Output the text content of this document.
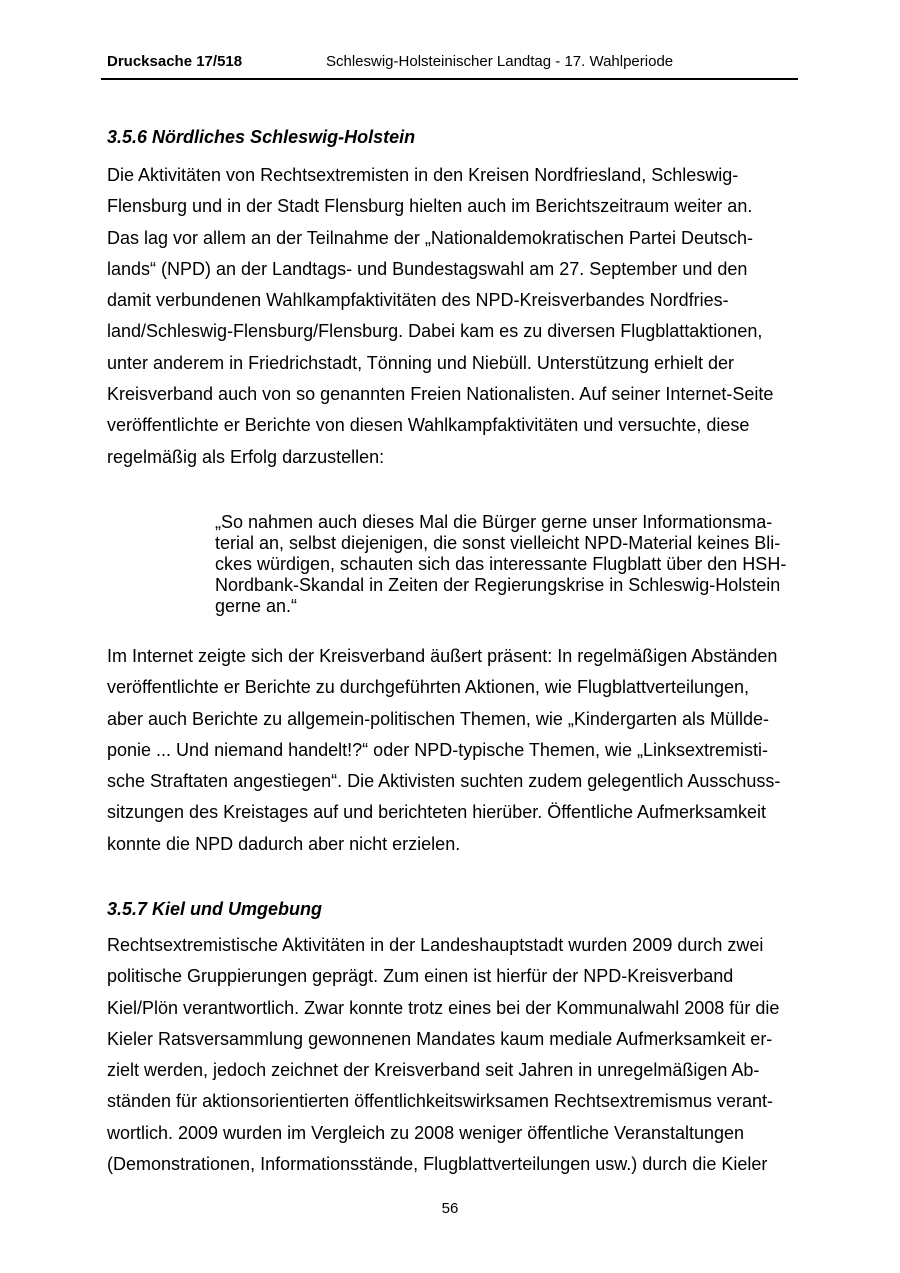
Drucksache 17/518	Schleswig-Holsteinischer Landtag - 17. Wahlperiode
3.5.6 Nördliches Schleswig-Holstein

Die Aktivitäten von Rechtsextremisten in den Kreisen Nordfriesland, Schleswig-

Flensburg und in der Stadt Flensburg hielten auch im Berichtszeitraum weiter an.

Das lag vor allem an der Teilnahme der „Nationaldemokratischen Partei Deutsch-

lands“ (NPD) an der Landtags- und Bundestagswahl am 27. September und den

damit verbundenen Wahlkampfaktivitäten des NPD-Kreisverbandes Nordfries-

land/Schleswig-Flensburg/Flensburg. Dabei kam es zu diversen Flugblattaktionen,

unter anderem in Friedrichstadt, Tönning und Niebüll. Unterstützung erhielt der

Kreisverband auch von so genannten Freien Nationalisten. Auf seiner Internet-Seite

veröffentlichte er Berichte von diesen Wahlkampfaktivitäten und versuchte, diese

regelmäßig als Erfolg darzustellen:

„So nahmen auch dieses Mal die Bürger gerne unser Informationsma-

terial an, selbst diejenigen, die sonst vielleicht NPD-Material keines Bli-

ckes würdigen, schauten sich das interessante Flugblatt über den HSH-

Nordbank-Skandal in Zeiten der Regierungskrise in Schleswig-Holstein

gerne an.“

Im Internet zeigte sich der Kreisverband äußert präsent: In regelmäßigen Abständen

veröffentlichte er Berichte zu durchgeführten Aktionen, wie Flugblattverteilungen,

aber auch Berichte zu allgemein-politischen Themen, wie „Kindergarten als Mülldе-

ponie ... Und niemand handelt!?“ oder NPD-typische Themen, wie „Linksextremisti-

sche Straftaten angestiegen“. Die Aktivisten suchten zudem gelegentlich Ausschuss-

sitzungen des Kreistages auf und berichteten hierüber. Öffentliche Aufmerksamkeit

konnte die NPD dadurch aber nicht erzielen.

3.5.7 Kiel und Umgebung

Rechtsextremistische Aktivitäten in der Landeshauptstadt wurden 2009 durch zwei

politische Gruppierungen geprägt. Zum einen ist hierfür der NPD-Kreisverband

Kiel/Plön verantwortlich. Zwar konnte trotz eines bei der Kommunalwahl 2008 für die

Kieler Ratsversammlung gewonnenen Mandates kaum mediale Aufmerksamkeit er-

zielt werden, jedoch zeichnet der Kreisverband seit Jahren in unregelmäßigen Ab-

ständen für aktionsorientierten öffentlichkeitswirksamen Rechtsextremismus verant-

wortlich. 2009 wurden im Vergleich zu 2008 weniger öffentliche Veranstaltungen

(Demonstrationen, Informationsstände, Flugblattverteilungen usw.) durch die Kieler

56
